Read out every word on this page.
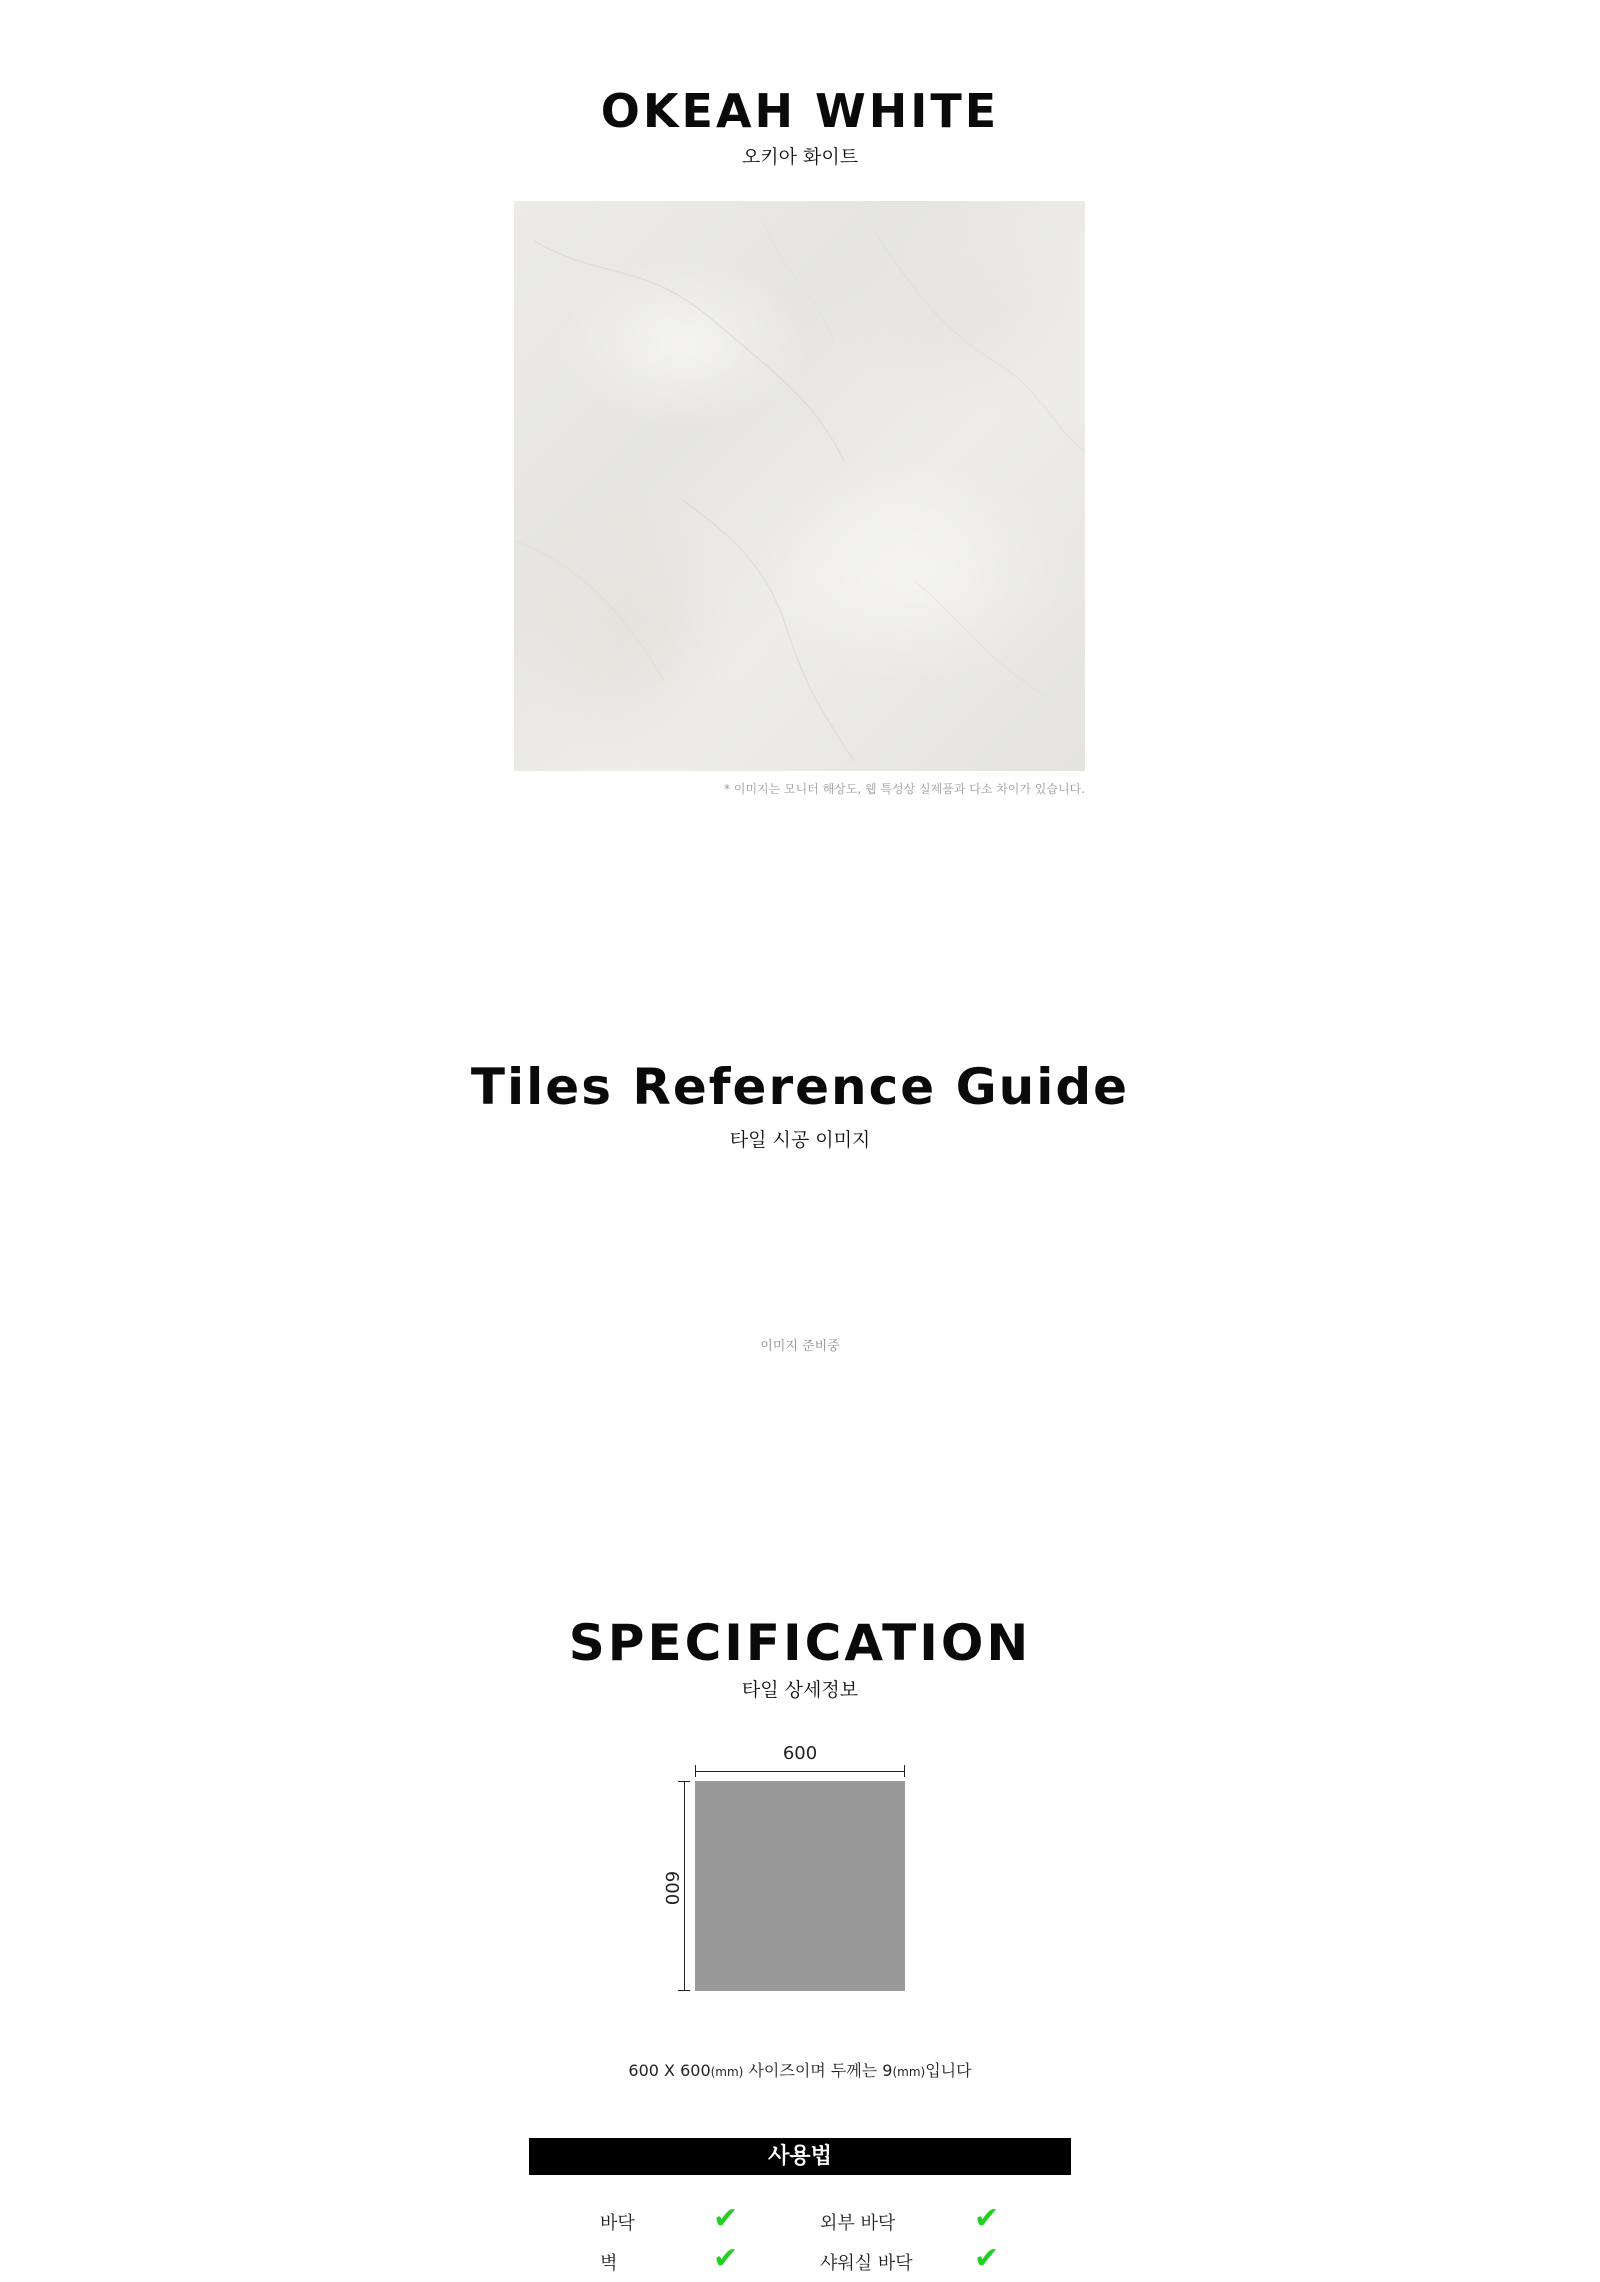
OKEAH WHITE
오키아 화이트
* 이미지는 모니터 해상도, 웹 특성상 실제품과 다소 차이가 있습니다.
Tiles Reference Guide
타일 시공 이미지
이미지 준비중
SPECIFICATION
타일 상세정보
600
600
600 X 600(mm) 사이즈이며 두께는 9(mm)입니다
사용법
바닥	✔	외부 바닥	✔
벽	✔	샤워실 바닥 ✔
